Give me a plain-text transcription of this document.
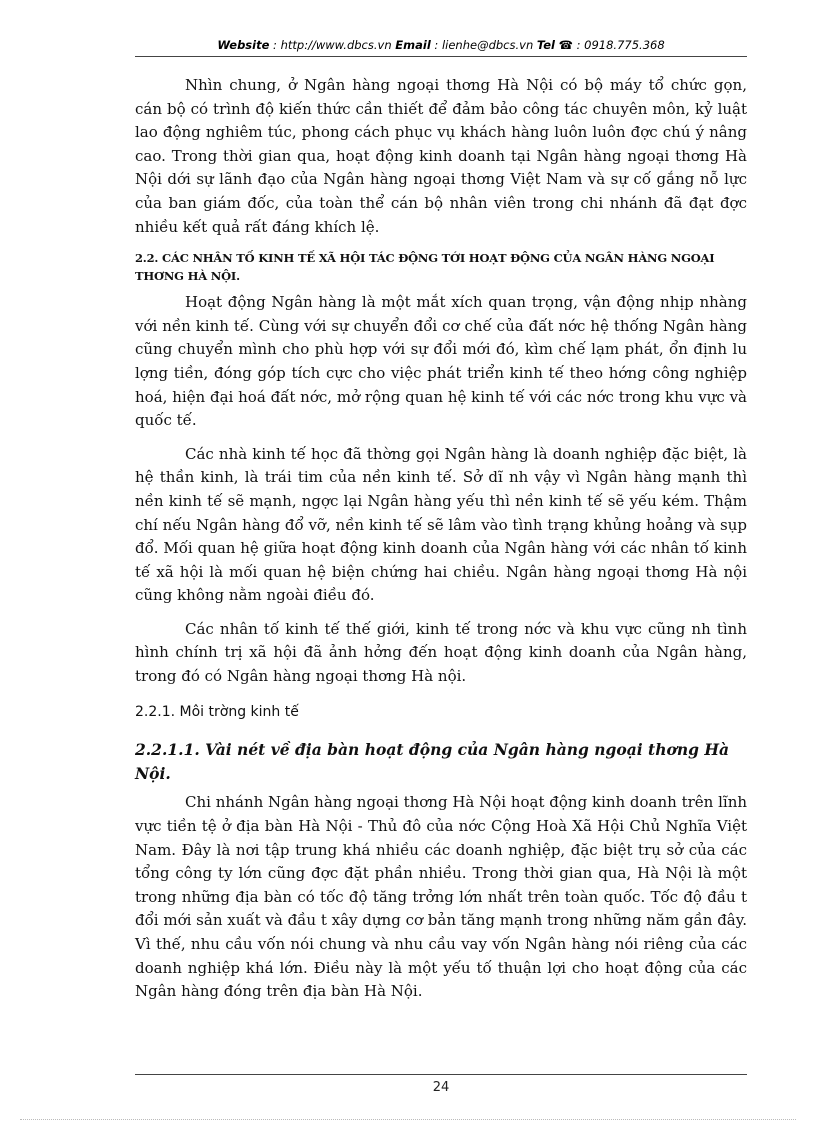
Website : http://www.dbcs.vn Email : lienhe@dbcs.vn Tel ☎ : 0918.775.368

Nhìn chung, ở Ngân hàng ngoại thơng Hà Nội có bộ máy tổ chức gọn, cán bộ có trình độ kiến thức cần thiết để đảm bảo công tác chuyên môn, kỷ luật lao động nghiêm túc, phong cách phục vụ khách hàng luôn luôn đợc chú ý nâng cao. Trong thời gian qua, hoạt động kinh doanh tại Ngân hàng ngoại thơng Hà Nội dới sự lãnh đạo của Ngân hàng ngoại thơng Việt Nam và sự cố gắng nỗ lực của ban giám đốc, của toàn thể cán bộ nhân viên trong chi nhánh đã đạt đợc nhiều kết quả rất đáng khích lệ.

2.2. CÁC NHÂN TỐ KINH TẾ XÃ HỘI TÁC ĐỘNG TỚI HOẠT ĐỘNG CỦA NGÂN HÀNG NGOẠI THƠNG HÀ NỘI.

Hoạt động Ngân hàng là một mắt xích quan trọng, vận động nhịp nhàng với nền kinh tế. Cùng với sự chuyển đổi cơ chế của đất nớc hệ thống Ngân hàng cũng chuyển mình cho phù hợp với sự đổi mới đó, kìm chế lạm phát, ổn định lu lợng tiền, đóng góp tích cực cho việc phát triển kinh tế theo hớng công nghiệp hoá, hiện đại hoá đất nớc, mở rộng quan hệ kinh tế với các nớc trong khu vực và quốc tế.

Các nhà kinh tế học đã thờng gọi Ngân hàng là doanh nghiệp đặc biệt, là hệ thần kinh, là trái tim của nền kinh tế. Sở dĩ nh vậy vì Ngân hàng mạnh thì nền kinh tế sẽ mạnh, ngợc lại Ngân hàng yếu thì nền kinh tế sẽ yếu kém. Thậm chí nếu Ngân hàng đổ vỡ, nền kinh tế sẽ lâm vào tình trạng khủng hoảng và sụp đổ. Mối quan hệ giữa hoạt động kinh doanh của Ngân hàng với các nhân tố kinh tế xã hội là mối quan hệ biện chứng hai chiều. Ngân hàng ngoại thơng Hà nội cũng không nằm ngoài điều đó.

Các nhân tố kinh tế thế giới, kinh tế trong nớc và khu vực cũng nh tình hình chính trị xã hội đã ảnh hởng đến hoạt động kinh doanh của Ngân hàng, trong đó có Ngân hàng ngoại thơng Hà nội.

2.2.1. Môi trờng kinh tế
2.2.1.1. Vài nét về địa bàn hoạt động của Ngân hàng ngoại thơng Hà Nội.

Chi nhánh Ngân hàng ngoại thơng Hà Nội hoạt động kinh doanh trên lĩnh vực tiền tệ ở địa bàn Hà Nội - Thủ đô của nớc Cộng Hoà Xã Hội Chủ Nghĩa Việt Nam. Đây là nơi tập trung khá nhiều các doanh nghiệp, đặc biệt trụ sở của các tổng công ty lớn cũng đợc đặt phần nhiều. Trong thời gian qua, Hà Nội là một trong những địa bàn có tốc độ tăng trởng lớn nhất trên toàn quốc. Tốc độ đầu t đổi mới sản xuất và đầu t xây dựng cơ bản tăng mạnh trong những năm gần đây. Vì thế, nhu cầu vốn nói chung và nhu cầu vay vốn Ngân hàng nói riêng của các doanh nghiệp khá lớn. Điều này là một yếu tố thuận lợi cho hoạt động của các Ngân hàng đóng trên địa bàn Hà Nội.

24
